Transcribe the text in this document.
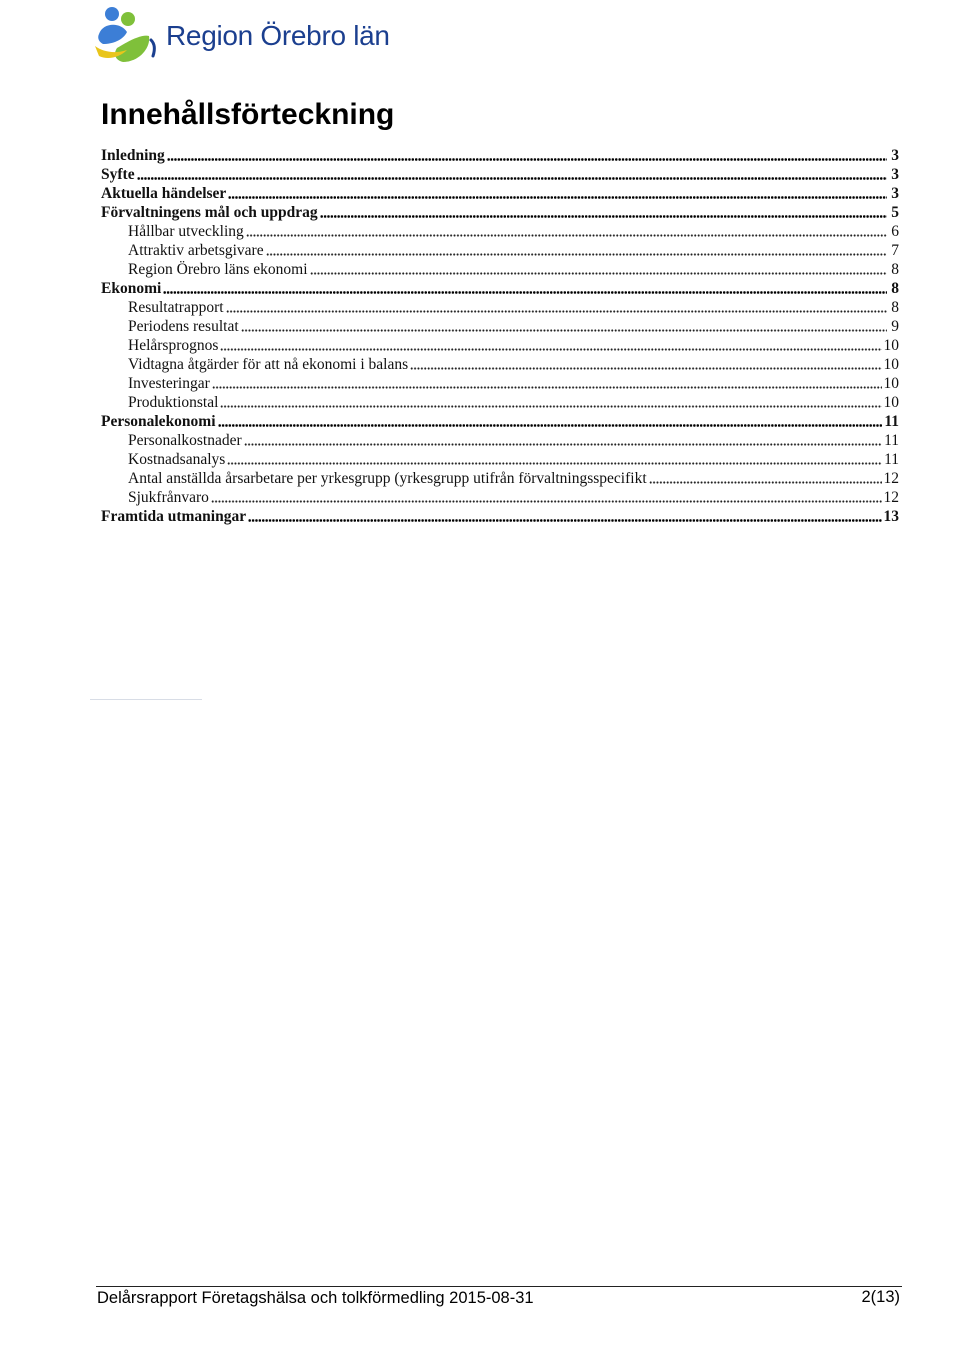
Region Örebro län
Innehållsförteckning
Inledning	3
Syfte	3
Aktuella händelser	3
Förvaltningens mål och uppdrag	5
Hållbar utveckling	6
Attraktiv arbetsgivare	7
Region Örebro läns ekonomi	8
Ekonomi	8
Resultatrapport	8
Periodens resultat	9
Helårsprognos	10
Vidtagna åtgärder för att nå ekonomi i balans	10
Investeringar	10
Produktionstal	10
Personalekonomi	11
Personalkostnader	11
Kostnadsanalys	11
Antal anställda årsarbetare per yrkesgrupp (yrkesgrupp utifrån förvaltningsspecifikt	12
Sjukfrånvaro	12
Framtida utmaningar	13
Delårsrapport Företagshälsa och tolkförmedling 2015-08-31	2(13)
